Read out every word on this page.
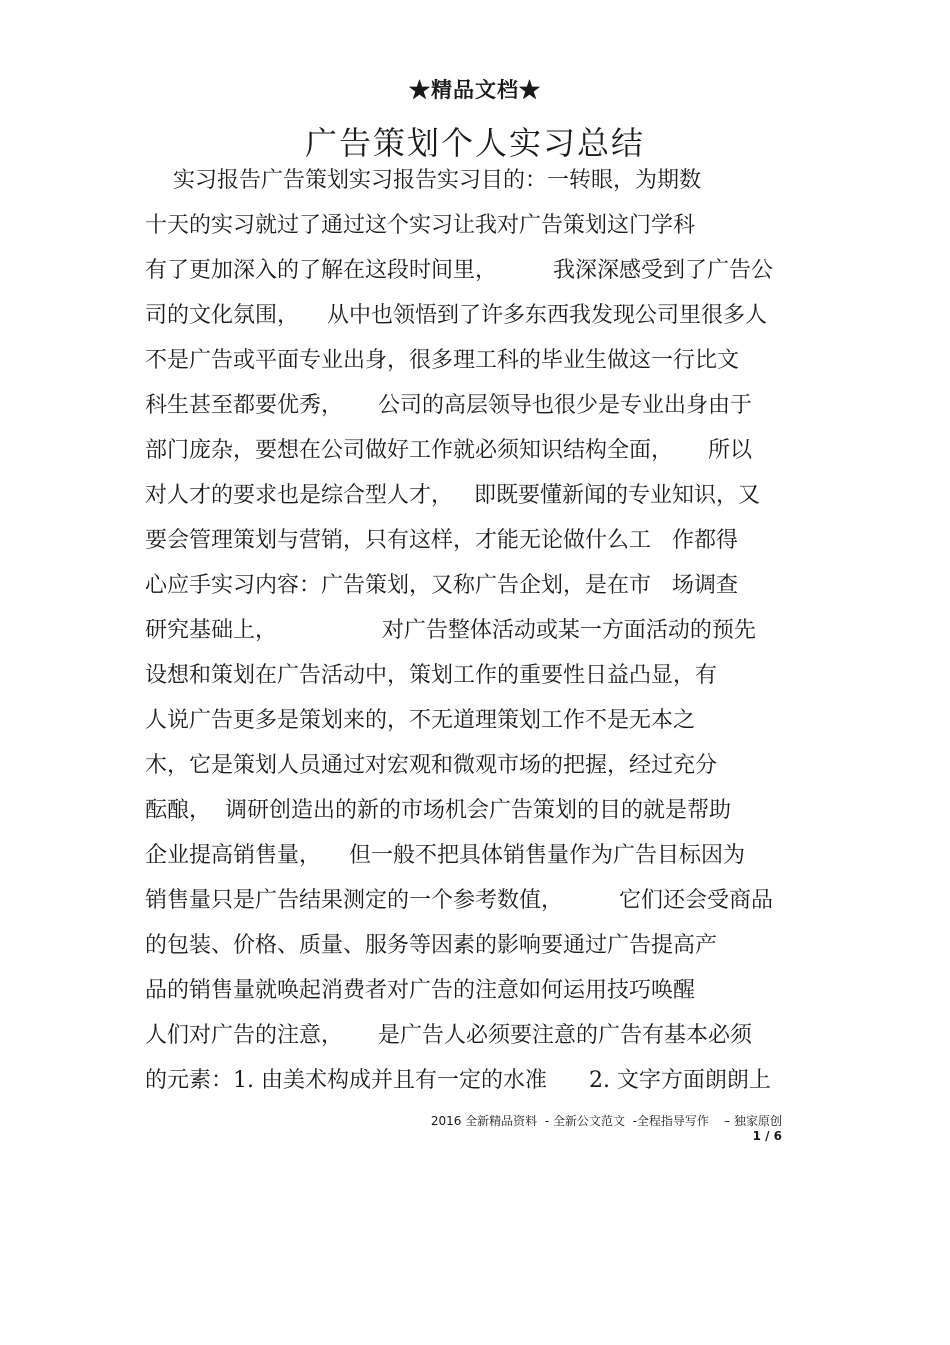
★精品文档★
广告策划个人实习总结
实习报告广告策划实习报告实习目的：一转眼，为期数
十天的实习就过了通过这个实习让我对广告策划这门学科
有了更加深入的了解在这段时间里，        我深深感受到了广告公
司的文化氛围，    从中也领悟到了许多东西我发现公司里很多人
不是广告或平面专业出身，很多理工科的毕业生做这一行比文
科生甚至都要优秀，     公司的高层领导也很少是专业出身由于
部门庞杂，要想在公司做好工作就必须知识结构全面，     所以
对人才的要求也是综合型人才，   即既要懂新闻的专业知识，又
要会管理策划与营销，只有这样，才能无论做什么工   作都得
心应手实习内容：广告策划，又称广告企划，是在市   场调查
研究基础上，               对广告整体活动或某一方面活动的预先
设想和策划在广告活动中，策划工作的重要性日益凸显，有
人说广告更多是策划来的，不无道理策划工作不是无本之
木，它是策划人员通过对宏观和微观市场的把握，经过充分
酝酿，  调研创造出的新的市场机会广告策划的目的就是帮助
企业提高销售量，    但一般不把具体销售量作为广告目标因为
销售量只是广告结果测定的一个参考数值，        它们还会受商品
的包装、价格、质量、服务等因素的影响要通过广告提高产
品的销售量就唤起消费者对广告的注意如何运用技巧唤醒
人们对广告的注意，     是广告人必须要注意的广告有基本必须
的元素：1. 由美术构成并且有一定的水准      2. 文字方面朗朗上
2016 全新精品资料  - 全新公文范文  -全程指导写作    – 独家原创
1 / 6
